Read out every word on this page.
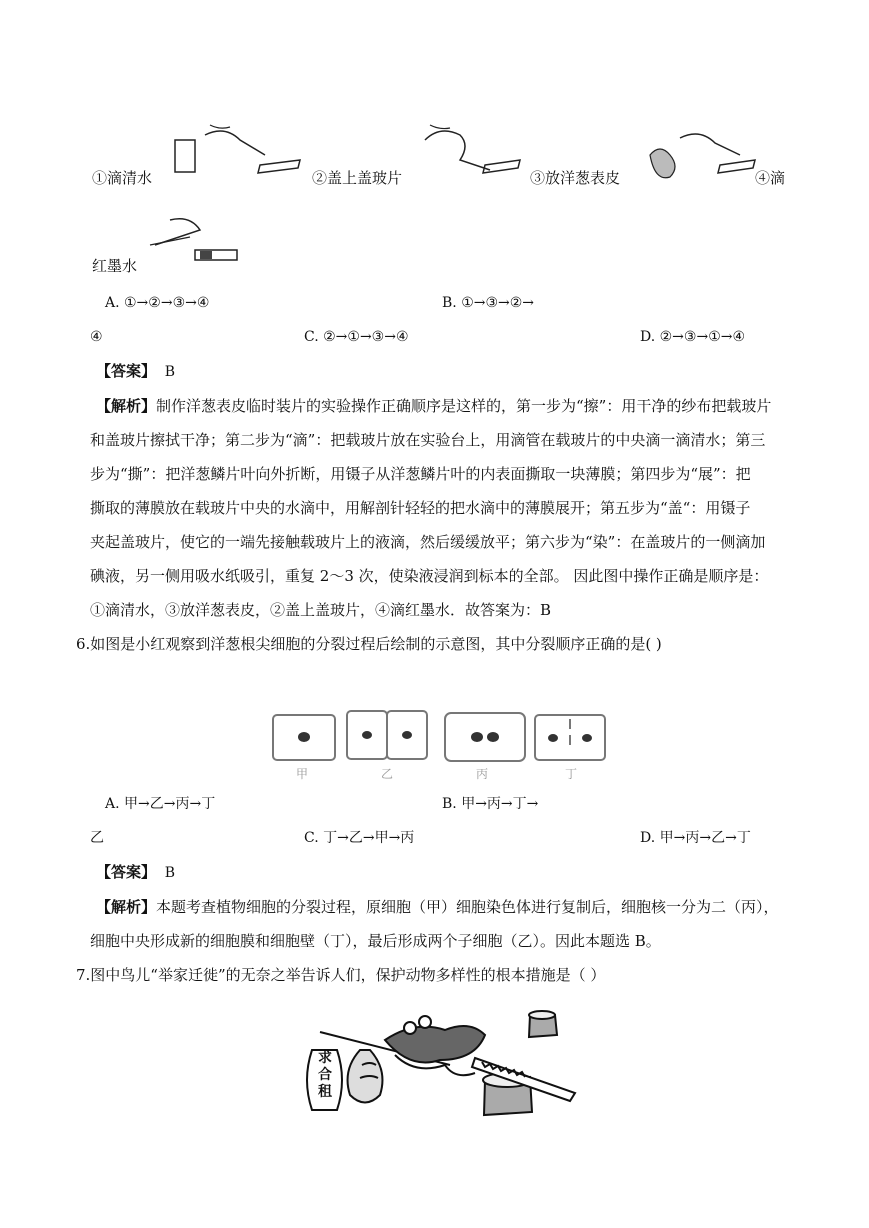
①滴清水	②盖上盖玻片	③放洋葱表皮	④滴
红墨水
A. ①→②→③→④	B. ①→③→②→
④	C. ②→①→③→④	D. ②→③→①→④
【答案】 B
【解析】制作洋葱表皮临时装片的实验操作正确顺序是这样的，第一步为“擦”：用干净的纱布把载玻片
和盖玻片擦拭干净；第二步为“滴”：把载玻片放在实验台上，用滴管在载玻片的中央滴一滴清水；第三
步为“撕”：把洋葱鳞片叶向外折断，用镊子从洋葱鳞片叶的内表面撕取一块薄膜；第四步为“展”：把
撕取的薄膜放在载玻片中央的水滴中，用解剖针轻轻的把水滴中的薄膜展开；第五步为“盖“：用镊子
夹起盖玻片，使它的一端先接触载玻片上的液滴，然后缓缓放平；第六步为“染”：在盖玻片的一侧滴加
碘液，另一侧用吸水纸吸引，重复 2～3 次，使染液浸润到标本的全部。 因此图中操作正确是顺序是：
①滴清水，③放洋葱表皮，②盖上盖玻片，④滴红墨水．故答案为：B
6.如图是小红观察到洋葱根尖细胞的分裂过程后绘制的示意图，其中分裂顺序正确的是( )
甲	乙	丙	丁
A. 甲→乙→丙→丁	B. 甲→丙→丁→
乙	C. 丁→乙→甲→丙	D. 甲→丙→乙→丁
【答案】 B
【解析】本题考查植物细胞的分裂过程，原细胞（甲）细胞染色体进行复制后，细胞核一分为二（丙），
细胞中央形成新的细胞膜和细胞壁（丁），最后形成两个子细胞（乙）。因此本题选 B。
7.图中鸟儿“举家迁徙”的无奈之举告诉人们，保护动物多样性的根本措施是（ ）
求合租
